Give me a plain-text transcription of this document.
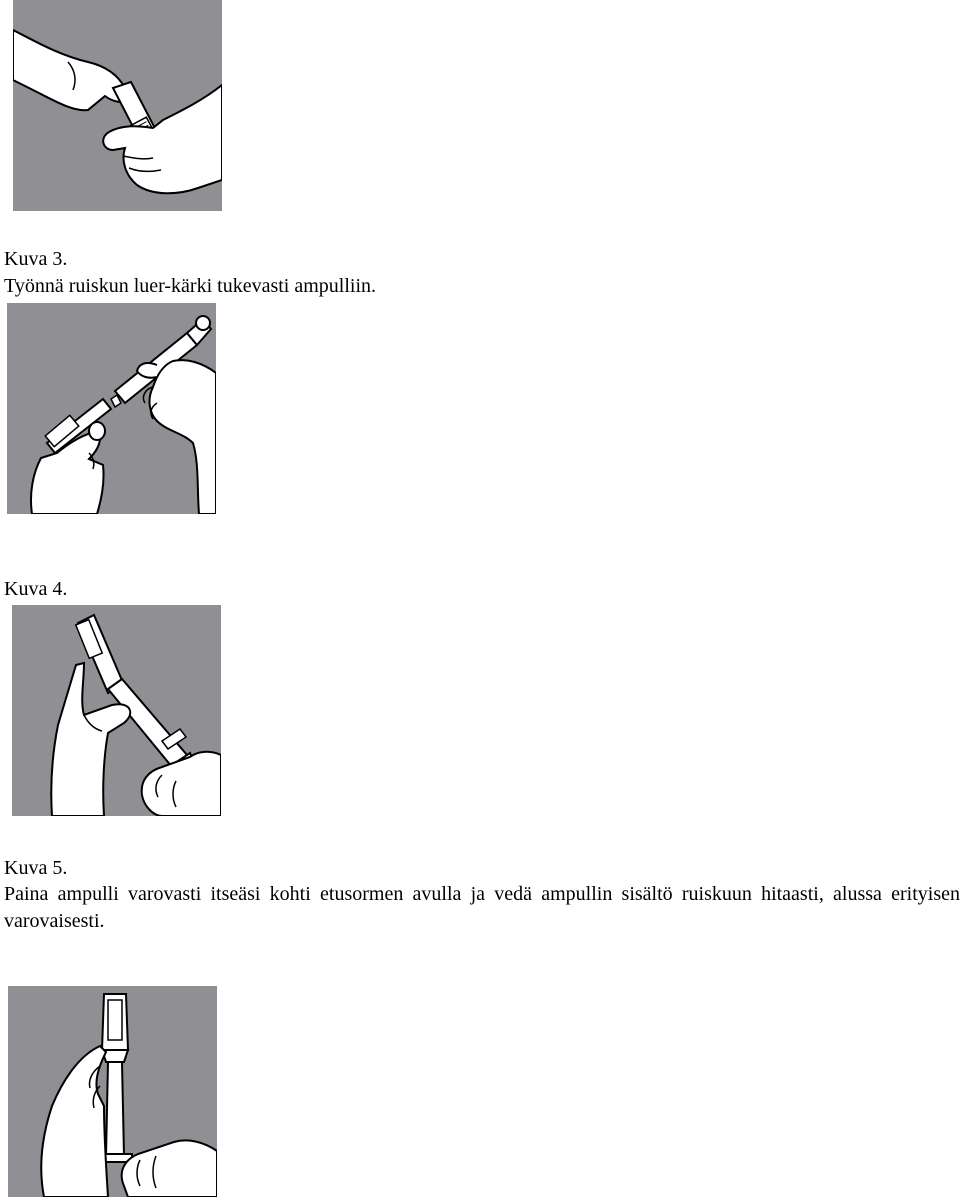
Kuva 3.
Työnnä ruiskun luer-kärki tukevasti ampulliin.
Kuva 4.
Kuva 5.
Paina ampulli varovasti itseäsi kohti etusormen avulla ja vedä ampullin sisältö ruiskuun hitaasti, alussa erityisen varovaisesti.
